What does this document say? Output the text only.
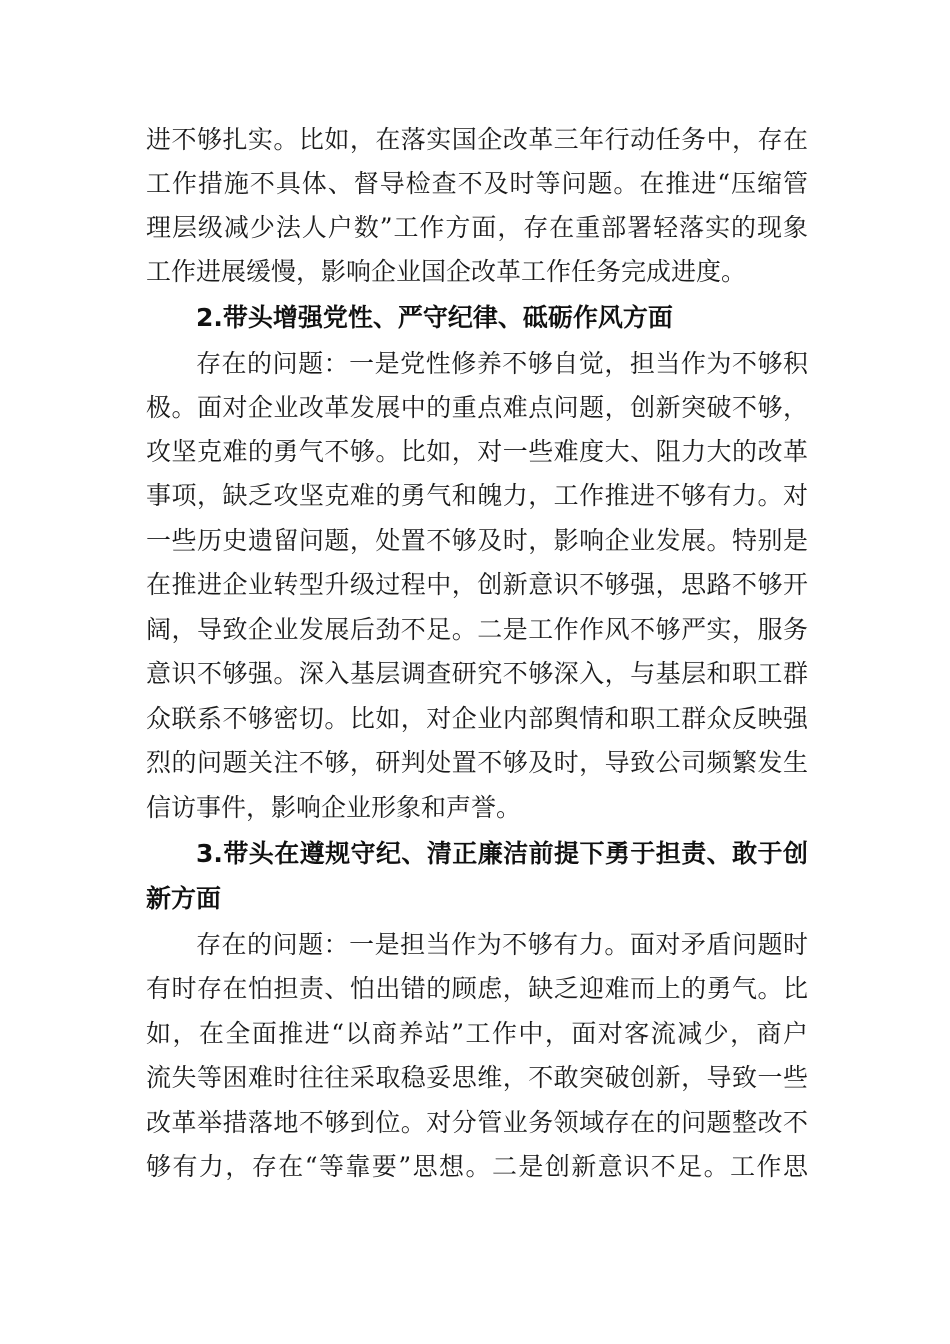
进不够扎实。比如，在落实国企改革三年行动任务中，存在
工作措施不具体、督导检查不及时等问题。在推进“压缩管
理层级减少法人户数”工作方面，存在重部署轻落实的现象
工作进展缓慢，影响企业国企改革工作任务完成进度。
2.带头增强党性、严守纪律、砥砺作风方面
存在的问题：一是党性修养不够自觉，担当作为不够积
极。面对企业改革发展中的重点难点问题，创新突破不够，
攻坚克难的勇气不够。比如，对一些难度大、阻力大的改革
事项，缺乏攻坚克难的勇气和魄力，工作推进不够有力。对
一些历史遗留问题，处置不够及时，影响企业发展。特别是
在推进企业转型升级过程中，创新意识不够强，思路不够开
阔，导致企业发展后劲不足。二是工作作风不够严实，服务
意识不够强。深入基层调查研究不够深入，与基层和职工群
众联系不够密切。比如，对企业内部舆情和职工群众反映强
烈的问题关注不够，研判处置不够及时，导致公司频繁发生
信访事件，影响企业形象和声誉。
3.带头在遵规守纪、清正廉洁前提下勇于担责、敢于创
新方面
存在的问题：一是担当作为不够有力。面对矛盾问题时
有时存在怕担责、怕出错的顾虑，缺乏迎难而上的勇气。比
如，在全面推进“以商养站”工作中，面对客流减少，商户
流失等困难时往往采取稳妥思维，不敢突破创新，导致一些
改革举措落地不够到位。对分管业务领域存在的问题整改不
够有力，存在“等靠要”思想。二是创新意识不足。工作思
